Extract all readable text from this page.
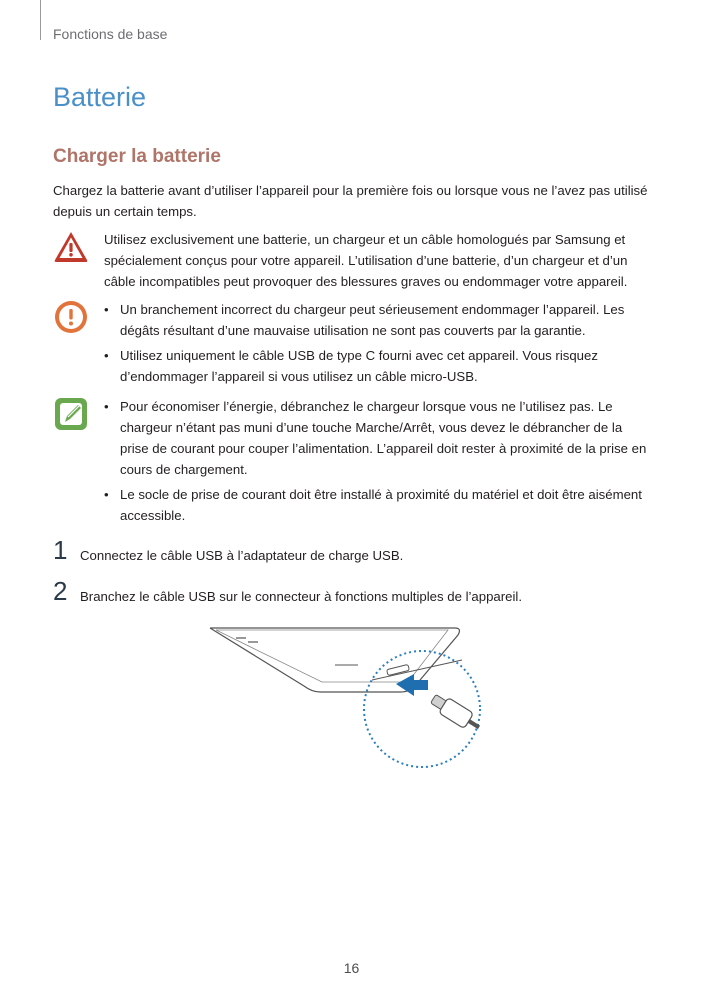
Fonctions de base
Batterie
Charger la batterie

Chargez la batterie avant d’utiliser l’appareil pour la première fois ou lorsque vous ne l’avez pas utilisé depuis un certain temps.

Utilisez exclusivement une batterie, un chargeur et un câble homologués par Samsung et spécialement conçus pour votre appareil. L’utilisation d’une batterie, d’un chargeur et d’un câble incompatibles peut provoquer des blessures graves ou endommager votre appareil.

• Un branchement incorrect du chargeur peut sérieusement endommager l’appareil. Les dégâts résultant d’une mauvaise utilisation ne sont pas couverts par la garantie.
• Utilisez uniquement le câble USB de type C fourni avec cet appareil. Vous risquez d’endommager l’appareil si vous utilisez un câble micro-USB.
• Pour économiser l’énergie, débranchez le chargeur lorsque vous ne l’utilisez pas. Le chargeur n’étant pas muni d’une touche Marche/Arrêt, vous devez le débrancher de la prise de courant pour couper l’alimentation. L’appareil doit rester à proximité de la prise en cours de chargement.
• Le socle de prise de courant doit être installé à proximité du matériel et doit être aisément accessible.
1 Connectez le câble USB à l’adaptateur de charge USB.
2 Branchez le câble USB sur le connecteur à fonctions multiples de l’appareil.
16
